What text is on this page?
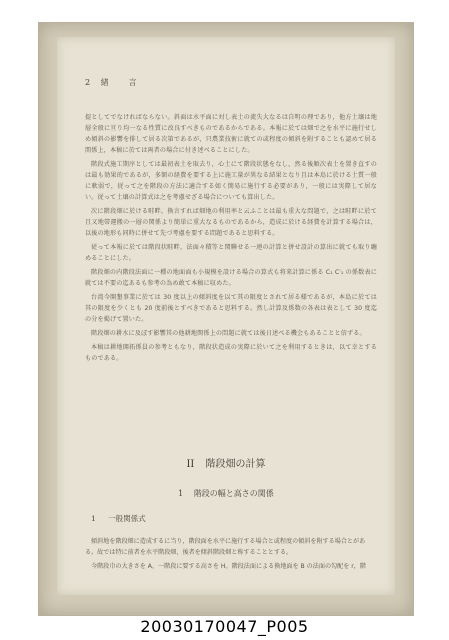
2 緒　言

提としてでなければならない。斜面は水平面に対し表土の流失大なるは自明の理であり，他方土壌は地層全般に亘り均一なる性質に改良すべきものであるからである。本報に於ては畑で之を水平に施行せしめ傾斜の影響を排して居る次第であるが，只農業技術に就ての或程度の傾斜を附することも認めて居る関係上，本稿に於ては両者の場合に付き述べることにした。

階段式施工期序としては最初表土を取去り，心土にて階段状態をなし，然る後順次表土を置き直すのは最も効果的であるが，多額の経費を要する上に施工量が異なる結果となり且は本島に於ける土質一般に軟弱で，従って之を階段の方法に適合する如く簡易に施行する必要があり，一般には実際して居ない。従って土壌の計算式は之を考慮せざる場合についても算出した。

次に階段畑に於ける畦畔，換言すれば畑地の利用率と云ふことは最も重大な問題で，之は畦畔に於て且又地帯運搬の一層の関係より簡単に重大なるものであるから，造成に於ける経費を計算する場合は，以後の地形も同時に併せて先づ考慮を要する問題であると思料する。

従って本報に於ては階段状畦畔，法面々積等と関聯せる一連の計算と併せ設計の算出に就ても取り纏めることにした。

階段畑の内階段法面に一種の地面面も小規模を設ける場合の算式も将来計算に係る C₁ C′₁ の係数表に就ては不要の迄あるも参考の為め敢て本稿に収めた。

台湾今開墾事業に於ては 30 度以上の傾斜度を以て其の限度とされて居る様であるが，本島に於ては其の限度を少くとも 20 度前後とすべきであると思料する。然し計算及係数の各表は表として 30 度迄の分を掲げて置いた。

階段畑の耕水に及ぼす影響其の他耕地関係上の問題に就ては後日述べる機会もあることと信ずる。

本稿は耕地開拓係員の参考ともなり，階段状造成の実際に於いて之を利用するときは，以て幸とするものである。

II 階段畑の計算
1 階段の幅と高さの関係
1 一般関係式

傾斜地を階段畑に造成するに当り，階段面を水平に施行する場合と或程度の傾斜を附する場合とがある。故では特に前者を水平階段畑，後者を傾斜階段畑と称することとする。

今階段巾の大きさを A，一階段に要する高さを H。階段法面による換地面を B の法面の勾配を r，階

20030170047_P005
